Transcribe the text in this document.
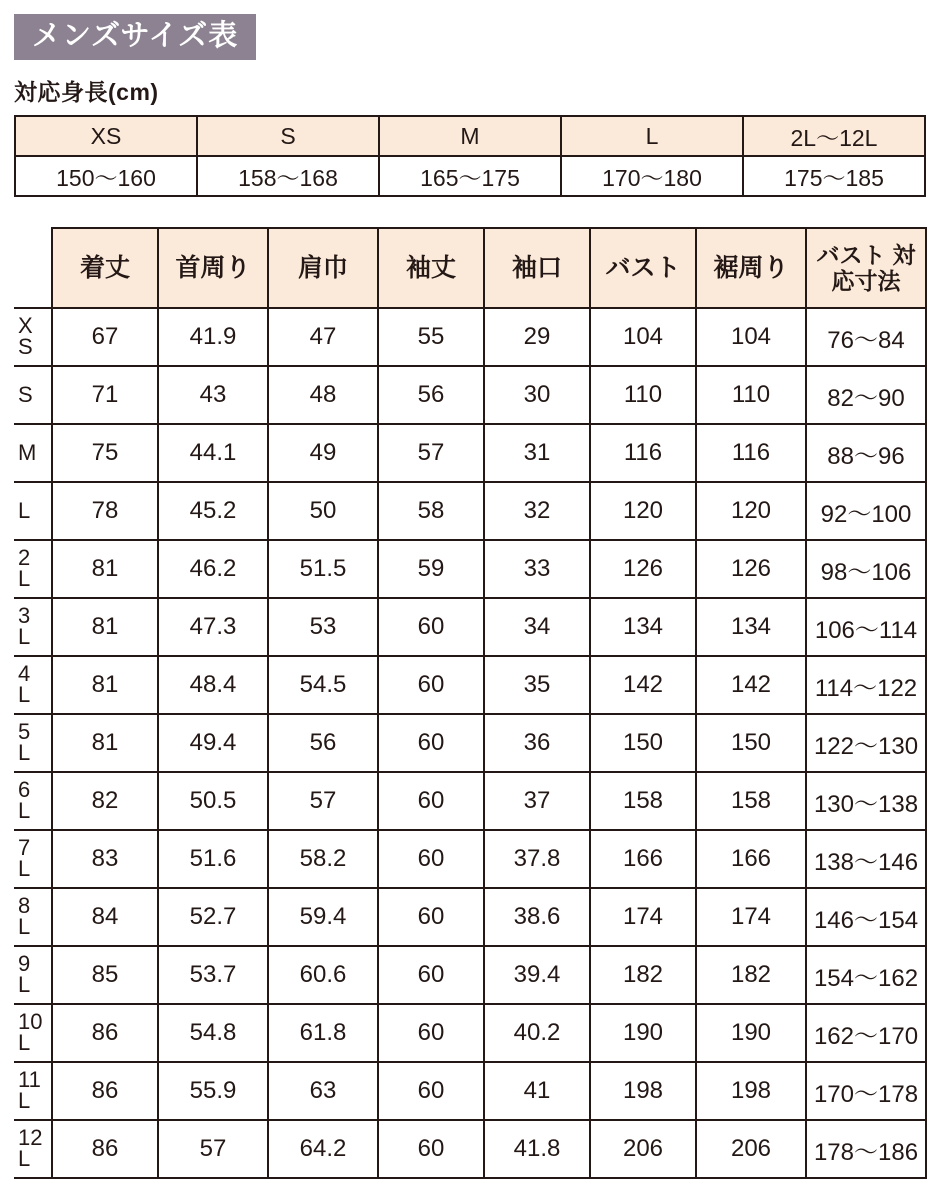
メンズサイズ表
対応身長(cm)
XS	S	M	L	2L〜12L
150〜160	158〜168	165〜175	170〜180	175〜185
	着丈	首周り	肩巾	袖丈	袖口	バスト	裾周り	バスト 対応寸法

X
S	67	41.9	47	55	29	104	104	76〜84

S	71	43	48	56	30	110	110	82〜90

M	75	44.1	49	57	31	116	116	88〜96

L	78	45.2	50	58	32	120	120	92〜100

2
L	81	46.2	51.5	59	33	126	126	98〜106

3
L	81	47.3	53	60	34	134	134	106〜114

4
L	81	48.4	54.5	60	35	142	142	114〜122

5
L	81	49.4	56	60	36	150	150	122〜130

6
L	82	50.5	57	60	37	158	158	130〜138

7
L	83	51.6	58.2	60	37.8	166	166	138〜146

8
L	84	52.7	59.4	60	38.6	174	174	146〜154

9
L	85	53.7	60.6	60	39.4	182	182	154〜162

10
L	86	54.8	61.8	60	40.2	190	190	162〜170

11
L	86	55.9	63	60	41	198	198	170〜178

12
L	86	57	64.2	60	41.8	206	206	178〜186
